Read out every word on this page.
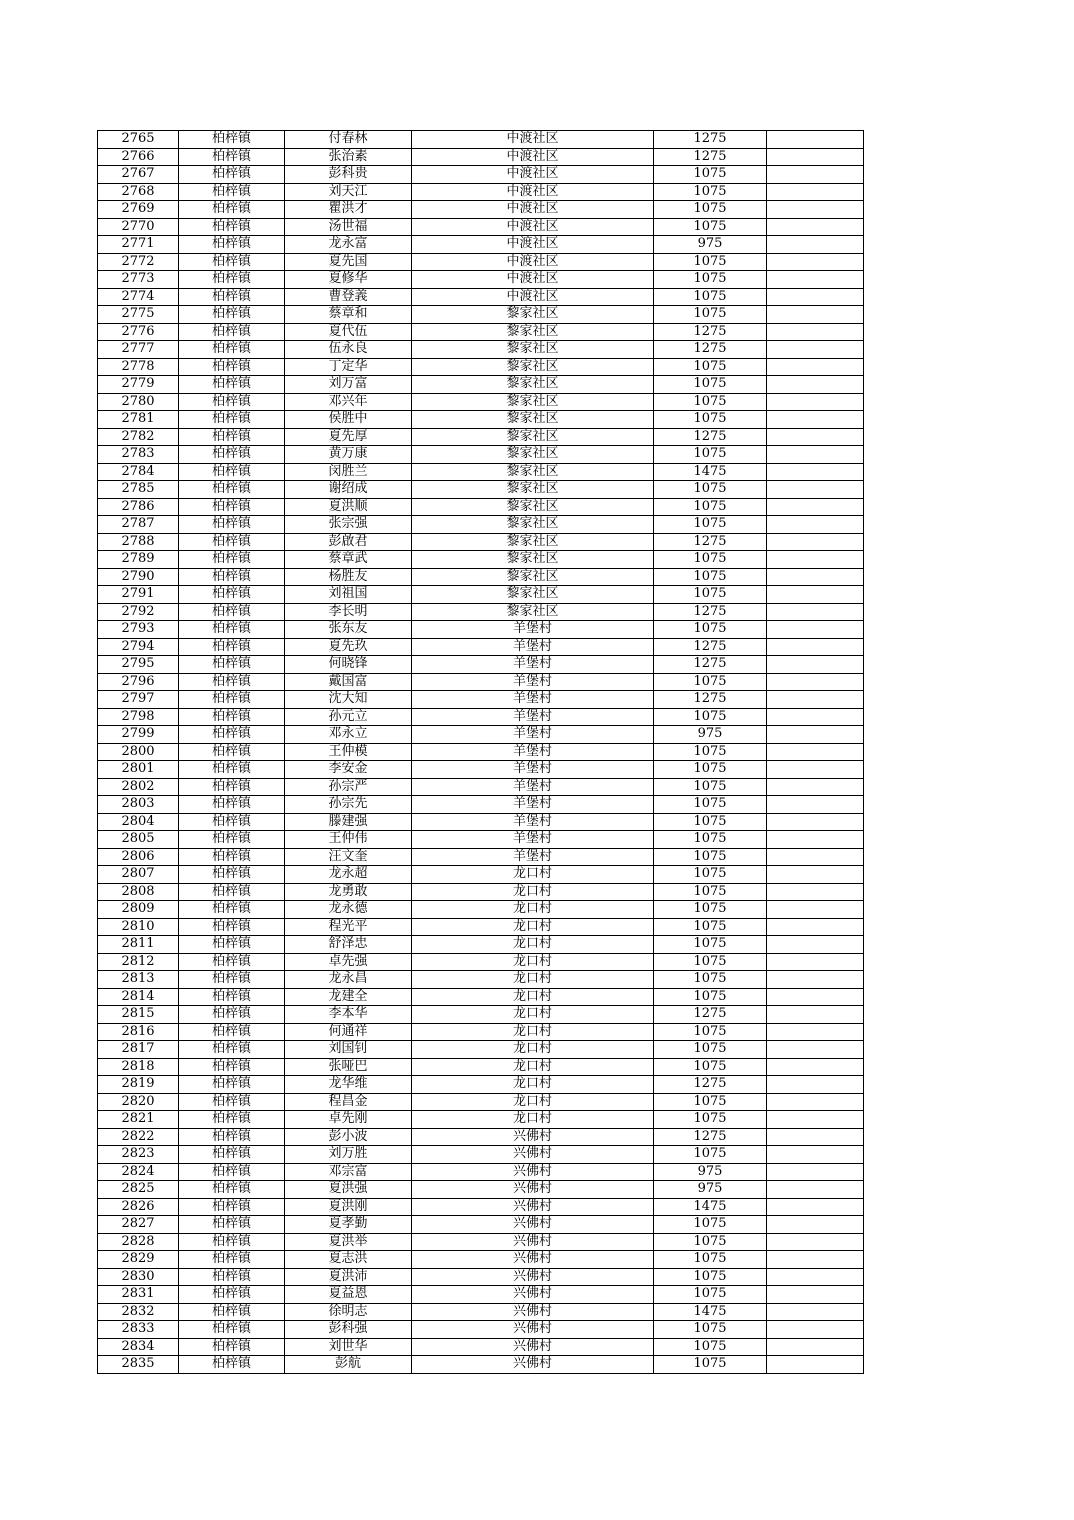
2765	柏梓镇	付春林	中渡社区	1275	
2766	柏梓镇	张治素	中渡社区	1275	
2767	柏梓镇	彭科贵	中渡社区	1075	
2768	柏梓镇	刘天江	中渡社区	1075	
2769	柏梓镇	瞿洪才	中渡社区	1075	
2770	柏梓镇	汤世福	中渡社区	1075	
2771	柏梓镇	龙永富	中渡社区	975	
2772	柏梓镇	夏先国	中渡社区	1075	
2773	柏梓镇	夏修华	中渡社区	1075	
2774	柏梓镇	曹登義	中渡社区	1075	
2775	柏梓镇	蔡章和	黎家社区	1075	
2776	柏梓镇	夏代伍	黎家社区	1275	
2777	柏梓镇	伍永良	黎家社区	1275	
2778	柏梓镇	丁定华	黎家社区	1075	
2779	柏梓镇	刘万富	黎家社区	1075	
2780	柏梓镇	邓兴年	黎家社区	1075	
2781	柏梓镇	侯胜中	黎家社区	1075	
2782	柏梓镇	夏先厚	黎家社区	1275	
2783	柏梓镇	黄万康	黎家社区	1075	
2784	柏梓镇	闵胜兰	黎家社区	1475	
2785	柏梓镇	谢绍成	黎家社区	1075	
2786	柏梓镇	夏洪顺	黎家社区	1075	
2787	柏梓镇	张宗强	黎家社区	1075	
2788	柏梓镇	彭啟君	黎家社区	1275	
2789	柏梓镇	蔡章武	黎家社区	1075	
2790	柏梓镇	杨胜友	黎家社区	1075	
2791	柏梓镇	刘祖国	黎家社区	1075	
2792	柏梓镇	李长明	黎家社区	1275	
2793	柏梓镇	张东友	羊堡村	1075	
2794	柏梓镇	夏先玖	羊堡村	1275	
2795	柏梓镇	何晓锋	羊堡村	1275	
2796	柏梓镇	戴国富	羊堡村	1075	
2797	柏梓镇	沈大知	羊堡村	1275	
2798	柏梓镇	孙元立	羊堡村	1075	
2799	柏梓镇	邓永立	羊堡村	975	
2800	柏梓镇	王仲模	羊堡村	1075	
2801	柏梓镇	李安金	羊堡村	1075	
2802	柏梓镇	孙宗严	羊堡村	1075	
2803	柏梓镇	孙宗先	羊堡村	1075	
2804	柏梓镇	滕建强	羊堡村	1075	
2805	柏梓镇	王仲伟	羊堡村	1075	
2806	柏梓镇	汪文奎	羊堡村	1075	
2807	柏梓镇	龙永超	龙口村	1075	
2808	柏梓镇	龙勇敢	龙口村	1075	
2809	柏梓镇	龙永德	龙口村	1075	
2810	柏梓镇	程光平	龙口村	1075	
2811	柏梓镇	舒泽忠	龙口村	1075	
2812	柏梓镇	卓先强	龙口村	1075	
2813	柏梓镇	龙永昌	龙口村	1075	
2814	柏梓镇	龙建全	龙口村	1075	
2815	柏梓镇	李本华	龙口村	1275	
2816	柏梓镇	何通祥	龙口村	1075	
2817	柏梓镇	刘国钊	龙口村	1075	
2818	柏梓镇	张哑巴	龙口村	1075	
2819	柏梓镇	龙华维	龙口村	1275	
2820	柏梓镇	程昌金	龙口村	1075	
2821	柏梓镇	卓先刚	龙口村	1075	
2822	柏梓镇	彭小波	兴佛村	1275	
2823	柏梓镇	刘万胜	兴佛村	1075	
2824	柏梓镇	邓宗富	兴佛村	975	
2825	柏梓镇	夏洪强	兴佛村	975	
2826	柏梓镇	夏洪刚	兴佛村	1475	
2827	柏梓镇	夏孝勤	兴佛村	1075	
2828	柏梓镇	夏洪举	兴佛村	1075	
2829	柏梓镇	夏志洪	兴佛村	1075	
2830	柏梓镇	夏洪沛	兴佛村	1075	
2831	柏梓镇	夏益恩	兴佛村	1075	
2832	柏梓镇	徐明志	兴佛村	1475	
2833	柏梓镇	彭科强	兴佛村	1075	
2834	柏梓镇	刘世华	兴佛村	1075	
2835	柏梓镇	彭航	兴佛村	1075	
